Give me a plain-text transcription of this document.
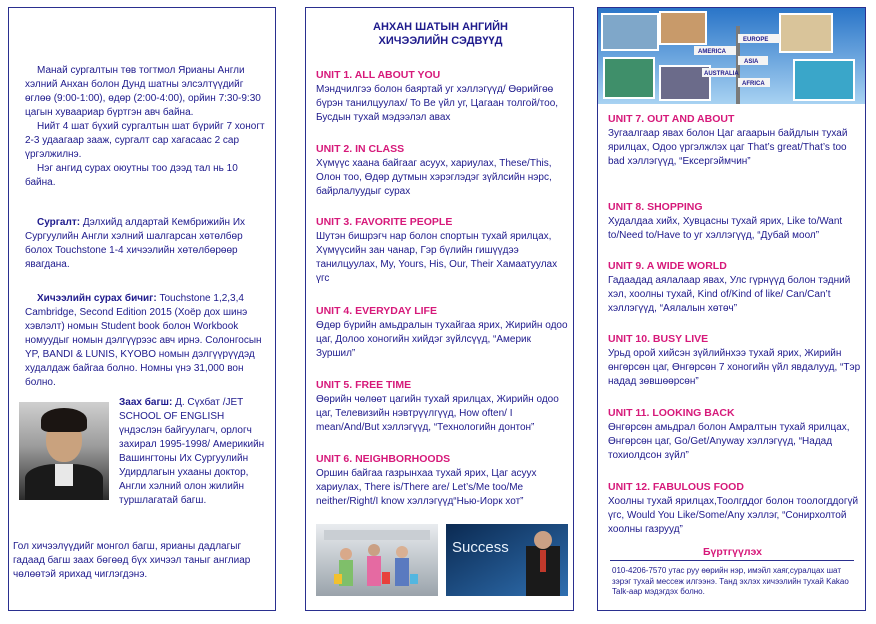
Манай сургалтын төв тогтмол Ярианы Англи хэлний Анхан болон Дунд шатны элсэлтүүдийг өглөө (9:00-1:00), өдөр (2:00-4:00), орйин 7:30-9:30 цагын хуваариар бүртгэн авч байна.

Нийт 4 шат бүхий сургалтын шат бүрийг 7 хоногт 2-3 удаагаар зааж, сургалт сар хагасаас 2 сар үргэлжилнэ.

Нэг ангид сурах оюутны тоо дээд тал нь 10 байна.

Сургалт: Дэлхийд алдартай Кембрижийн Их Сургуулийн Англи хэлний шалгарсан хөтөлбөр болох Touchstone 1-4 хичээлийн хөтөлбөрөөр явагдана.

Хичээлийн сурах бичиг: Touchstone 1,2,3,4 Cambridge, Second Edition 2015 (Хоёр дох шинэ хэвлэлт) номын Student book болон Workbook номуудыг номын дэлгүүрээс авч ирнэ. Солонгосын YP, BANDI & LUNIS, KYOBO номын дэлгүүрүүдэд худалдаж байгаа болно. Номны үнэ 31,000 вон болно.

Заах багш: Д. Сүхбат /JET SCHOOL OF ENGLISH үндэслэн байгуулагч, орлогч захирал 1995-1998/ Америкийн Вашингтоны Их Сургуулийн Удирдлагын ухааны доктор, Англи хэлний олон жилийн туршлагатай багш.

Гол хичээлүүдийг монгол багш, ярианы дадлагыг гадаад багш заах бөгөөд бүх хичээл таныг англиар чөлөөтэй ярихад чиглэгдэнэ.

АНХАН ШАТЫН АНГИЙН
ХИЧЭЭЛИЙН СЭДВҮҮД

UNIT 1. ALL ABOUT YOU

Мэндчилгээ болон баяртай уг хэллэгүүд/ Өөрийгөө бүрэн танилцуулах/ To Be үйл уг, Цагаан толгой/тоо, Бусдын тухай мэдээлэл авах

UNIT 2. IN CLASS

Хүмүүс хаана байгааг асуух, хариулах, These/This, Олон тоо, Өдөр дутмын хэрэглэдэг зүйлсийн нэрс, байрлалуудыг сурах

UNIT 3. FAVORITE PEOPLE

Шутэн бишрэгч нар болон спортын тухай ярилцах, Хүмүүсийн зан чанар, Гэр бүлийн гишүүдээ танилцуулах, My, Yours, His, Our, Their Хамаатуулах үгс

UNIT 4. EVERYDAY LIFE

Өдөр бүрийн амьдралын тухайгаа ярих, Жирийн одоо цаг, Долоо хоногийн хийдэг зүйлсүүд, “Америк Зуршил”

UNIT 5. FREE TIME

Өөрийн чөлөөт цагийн тухай ярилцах, Жирийн одоо цаг, Телевизийн нэвтрүүлгүүд, How often/ I mean/And/But хэллэгүүд, “Технологийн донтон”

UNIT 6. NEIGHBORHOODS

Оршин байгаа газрынхаа тухай ярих, Цаг асуух хариулах, There is/There are/ Let’s/Me too/Me neither/Right/I know хэллэгүүд“Нью-Иорк хот”

Success
EUROPE
AMERICA
ASIA
AUSTRALIA
AFRICA

UNIT 7. OUT AND ABOUT

Зугаалгаар явах болон Цаг агаарын байдлын тухай ярилцах, Одоо үргэлжлэх цаг That’s great/That’s too bad хэллэгүүд, “Ексергэймчин”

UNIT 8. SHOPPING

Худалдаа хийх, Хувцасны тухай ярих, Like to/Want to/Need to/Have to уг хэллэгүүд, “Дубай моол”

UNIT 9. A WIDE WORLD

Гадаадад аялалаар явах, Улс гүрнүүд болон тэдний хэл, хоолны тухай, Kind of/Kind of like/ Can/Can’t хэллэгүүд, “Аялалын хөтөч”

UNIT 10. BUSY LIVE

Урьд орой хийсэн зүйлийнхээ тухай ярих, Жирийн өнгөрсөн цаг, Өнгөрсөн 7 хоногийн үйл явдалууд, “Тэр надад зөвшөөрсөн”

UNIT 11. LOOKING BACK

Өнгөрсөн амьдрал болон Амралтын тухай ярилцах, Өнгөрсөн цаг, Go/Get/Anyway хэллэгүүд, “Надад тохиолдсон зүйл”

UNIT 12. FABULOUS FOOD

Хоолны тухай ярилцах,Тоолгддог болон тоологддогүй үгс, Would You Like/Some/Any хэллэг, “Сонирхолтой хоолны газрууд”

Бүртгүүлэх
010-4206-7570 утас руу өөрийн нэр, имэйл хаяг,суралцах шат зэрэг тухай мессеж илгээнэ. Танд эхлэх хичээлийн тухай Kakao Talk-аар мэдэгдэх болно.
